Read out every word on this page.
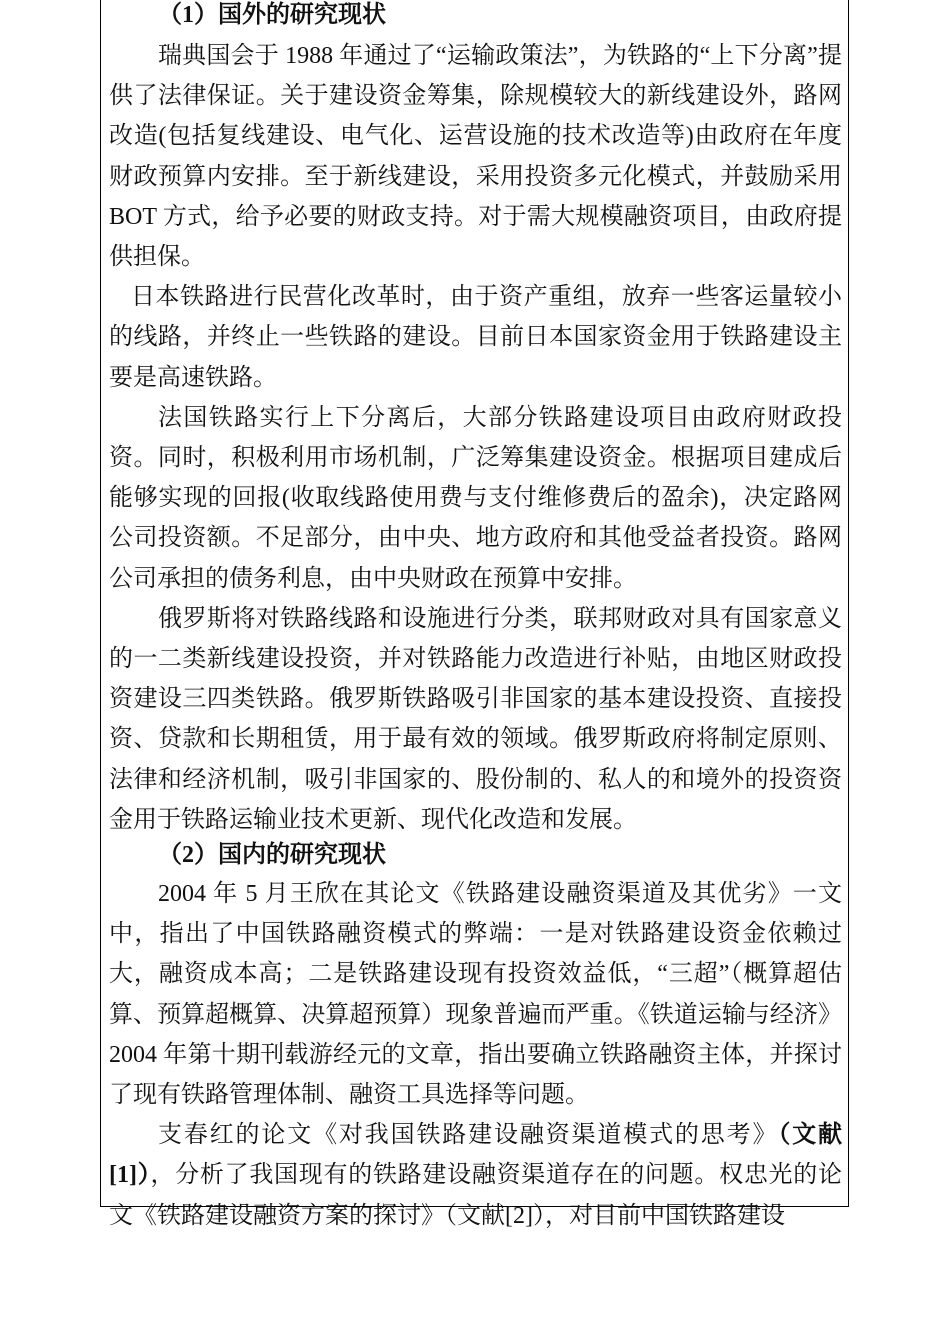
（1）国外的研究现状

瑞典国会于 1988 年通过了“运输政策法”，为铁路的“上下分离”提供了法律保证。关于建设资金筹集，除规模较大的新线建设外，路网改造(包括复线建设、电气化、运营设施的技术改造等)由政府在年度财政预算内安排。至于新线建设，采用投资多元化模式，并鼓励采用 BOT 方式，给予必要的财政支持。对于需大规模融资项目，由政府提供担保。

日本铁路进行民营化改革时，由于资产重组，放弃一些客运量较小的线路，并终止一些铁路的建设。目前日本国家资金用于铁路建设主要是高速铁路。

法国铁路实行上下分离后，大部分铁路建设项目由政府财政投资。同时，积极利用市场机制，广泛筹集建设资金。根据项目建成后能够实现的回报(收取线路使用费与支付维修费后的盈余)，决定路网公司投资额。不足部分，由中央、地方政府和其他受益者投资。路网公司承担的债务利息，由中央财政在预算中安排。

俄罗斯将对铁路线路和设施进行分类，联邦财政对具有国家意义的一二类新线建设投资，并对铁路能力改造进行补贴，由地区财政投资建设三四类铁路。俄罗斯铁路吸引非国家的基本建设投资、直接投资、贷款和长期租赁，用于最有效的领域。俄罗斯政府将制定原则、法律和经济机制，吸引非国家的、股份制的、私人的和境外的投资资金用于铁路运输业技术更新、现代化改造和发展。

（2）国内的研究现状

2004 年 5 月王欣在其论文《铁路建设融资渠道及其优劣》一文中，指出了中国铁路融资模式的弊端：一是对铁路建设资金依赖过大，融资成本高；二是铁路建设现有投资效益低，“三超”（概算超估算、预算超概算、决算超预算）现象普遍而严重。《铁道运输与经济》2004 年第十期刊载游经元的文章，指出要确立铁路融资主体，并探讨了现有铁路管理体制、融资工具选择等问题。

支春红的论文《对我国铁路建设融资渠道模式的思考》（文献[1]），分析了我国现有的铁路建设融资渠道存在的问题。权忠光的论文《铁路建设融资方案的探讨》（文献[2]），对目前中国铁路建设
